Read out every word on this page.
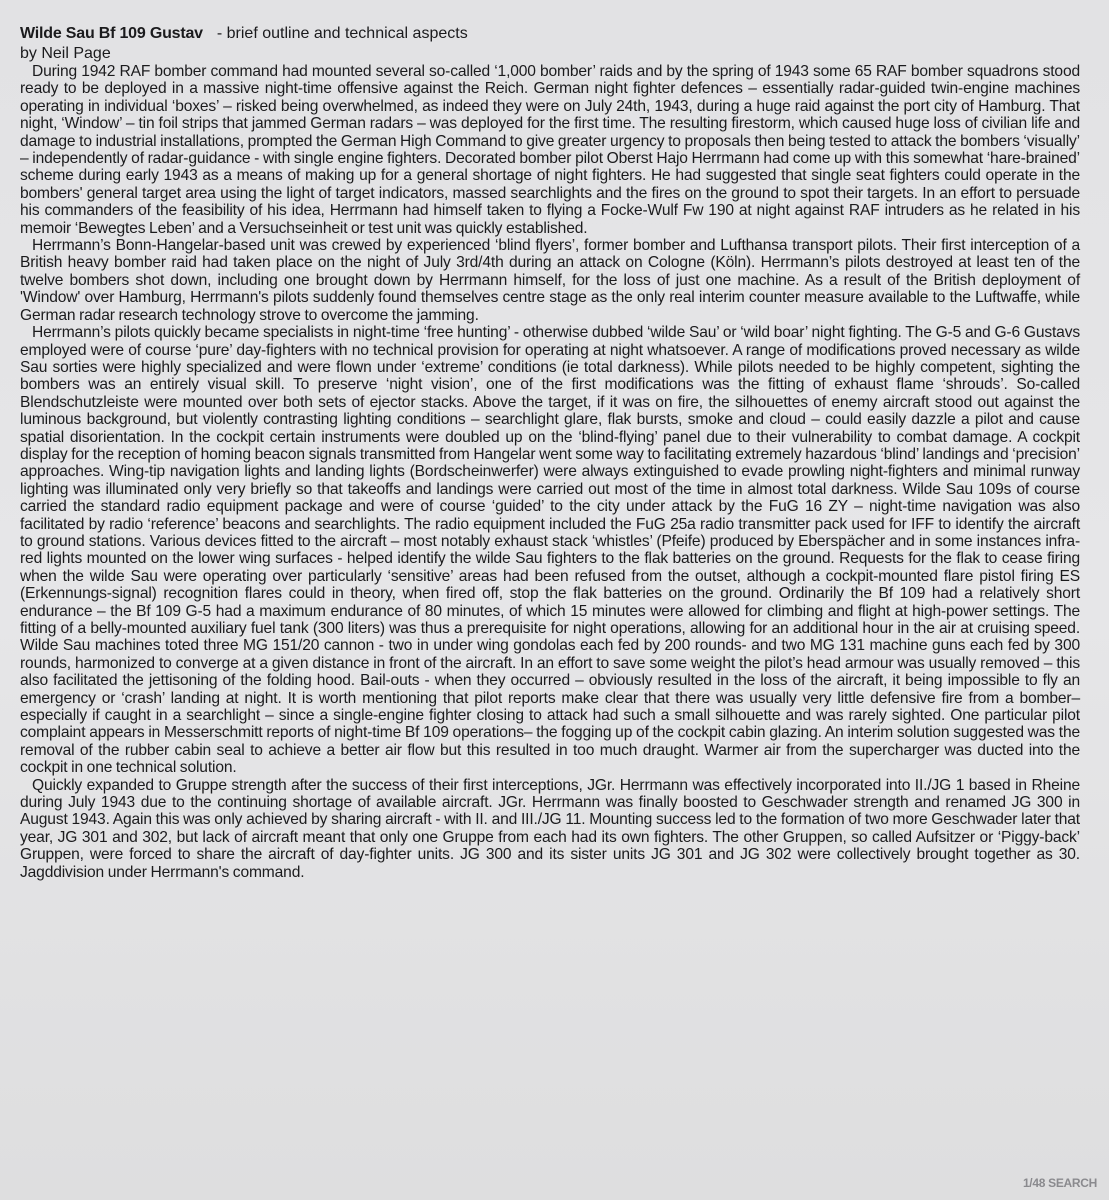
Wilde Sau Bf 109 Gustav - brief outline and technical aspects

by Neil Page

During 1942 RAF bomber command had mounted several so-called ‘1,000 bomber’ raids and by the spring of 1943 some 65 RAF bomber squadrons stood ready to be deployed in a massive night-time offensive against the Reich. German night fighter defences – essentially radar-guided twin-engine machines operating in individual ‘boxes’ – risked being overwhelmed, as indeed they were on July 24th, 1943, during a huge raid against the port city of Hamburg. That night, ‘Window’ – tin foil strips that jammed German radars – was deployed for the first time. The resulting firestorm, which caused huge loss of civilian life and damage to industrial installations, prompted the German High Command to give greater urgency to proposals then being tested to attack the bombers ‘visually’ – independently of radar-guidance - with single engine fighters. Decorated bomber pilot Oberst Hajo Herrmann had come up with this somewhat ‘hare-brained’ scheme during early 1943 as a means of making up for a general shortage of night fighters. He had suggested that single seat fighters could operate in the bombers' general target area using the light of target indicators, massed searchlights and the fires on the ground to spot their targets. In an effort to persuade his commanders of the feasibility of his idea, Herrmann had himself taken to flying a Focke-Wulf Fw 190 at night against RAF intruders as he related in his memoir ‘Bewegtes Leben’ and a Versuchseinheit or test unit was quickly established.

Herrmann’s Bonn-Hangelar-based unit was crewed by experienced ‘blind flyers’, former bomber and Lufthansa transport pilots. Their first interception of a British heavy bomber raid had taken place on the night of July 3rd/4th during an attack on Cologne (Köln). Herrmann’s pilots destroyed at least ten of the twelve bombers shot down, including one brought down by Herrmann himself, for the loss of just one machine. As a result of the British deployment of 'Window' over Hamburg, Herrmann's pilots suddenly found themselves centre stage as the only real interim counter measure available to the Luftwaffe, while German radar research technology strove to overcome the jamming.

Herrmann’s pilots quickly became specialists in night-time ‘free hunting’ - otherwise dubbed ‘wilde Sau’ or ‘wild boar’ night fighting. The G-5 and G-6 Gustavs employed were of course ‘pure’ day-fighters with no technical provision for operating at night whatsoever. A range of modifications proved necessary as wilde Sau sorties were highly specialized and were flown under ‘extreme’ conditions (ie total darkness). While pilots needed to be highly competent, sighting the bombers was an entirely visual skill. To preserve ‘night vision’, one of the first modifications was the fitting of exhaust flame ‘shrouds’. So-called Blendschutzleiste were mounted over both sets of ejector stacks. Above the target, if it was on fire, the silhouettes of enemy aircraft stood out against the luminous background, but violently contrasting lighting conditions – searchlight glare, flak bursts, smoke and cloud – could easily dazzle a pilot and cause spatial disorientation. In the cockpit certain instruments were doubled up on the ‘blind-flying’ panel due to their vulnerability to combat damage. A cockpit display for the reception of homing beacon signals transmitted from Hangelar went some way to facilitating extremely hazardous ‘blind’ landings and ‘precision’ approaches. Wing-tip navigation lights and landing lights (Bordscheinwerfer) were always extinguished to evade prowling night-fighters and minimal runway lighting was illuminated only very briefly so that takeoffs and landings were carried out most of the time in almost total darkness. Wilde Sau 109s of course carried the standard radio equipment package and were of course ‘guided’ to the city under attack by the FuG 16 ZY – night-time navigation was also facilitated by radio ‘reference’ beacons and searchlights. The radio equipment included the FuG 25a radio transmitter pack used for IFF to identify the aircraft to ground stations. Various devices fitted to the aircraft – most notably exhaust stack ‘whistles’ (Pfeife) produced by Eberspächer and in some instances infra-red lights mounted on the lower wing surfaces - helped identify the wilde Sau fighters to the flak batteries on the ground. Requests for the flak to cease firing when the wilde Sau were operating over particularly ‘sensitive’ areas had been refused from the outset, although a cockpit-mounted flare pistol firing ES (Erkennungs-signal) recognition flares could in theory, when fired off, stop the flak batteries on the ground. Ordinarily the Bf 109 had a relatively short endurance – the Bf 109 G-5 had a maximum endurance of 80 minutes, of which 15 minutes were allowed for climbing and flight at high-power settings. The fitting of a belly-mounted auxiliary fuel tank (300 liters) was thus a prerequisite for night operations, allowing for an additional hour in the air at cruising speed. Wilde Sau machines toted three MG 151/20 cannon - two in under wing gondolas each fed by 200 rounds- and two MG 131 machine guns each fed by 300 rounds, harmonized to converge at a given distance in front of the aircraft. In an effort to save some weight the pilot’s head armour was usually removed – this also facilitated the jettisoning of the folding hood. Bail-outs - when they occurred – obviously resulted in the loss of the aircraft, it being impossible to fly an emergency or ‘crash’ landing at night. It is worth mentioning that pilot reports make clear that there was usually very little defensive fire from a bomber– especially if caught in a searchlight – since a single-engine fighter closing to attack had such a small silhouette and was rarely sighted. One particular pilot complaint appears in Messerschmitt reports of night-time Bf 109 operations– the fogging up of the cockpit cabin glazing. An interim solution suggested was the removal of the rubber cabin seal to achieve a better air flow but this resulted in too much draught. Warmer air from the supercharger was ducted into the cockpit in one technical solution.

Quickly expanded to Gruppe strength after the success of their first interceptions, JGr. Herrmann was effectively incorporated into II./JG 1 based in Rheine during July 1943 due to the continuing shortage of available aircraft. JGr. Herrmann was finally boosted to Geschwader strength and renamed JG 300 in August 1943. Again this was only achieved by sharing aircraft - with II. and III./JG 11. Mounting success led to the formation of two more Geschwader later that year, JG 301 and 302, but lack of aircraft meant that only one Gruppe from each had its own fighters. The other Gruppen, so called Aufsitzer or ‘Piggy-back’ Gruppen, were forced to share the aircraft of day-fighter units. JG 300 and its sister units JG 301 and JG 302 were collectively brought together as 30. Jagddivision under Herrmann's command.

1/48 SEARCH
